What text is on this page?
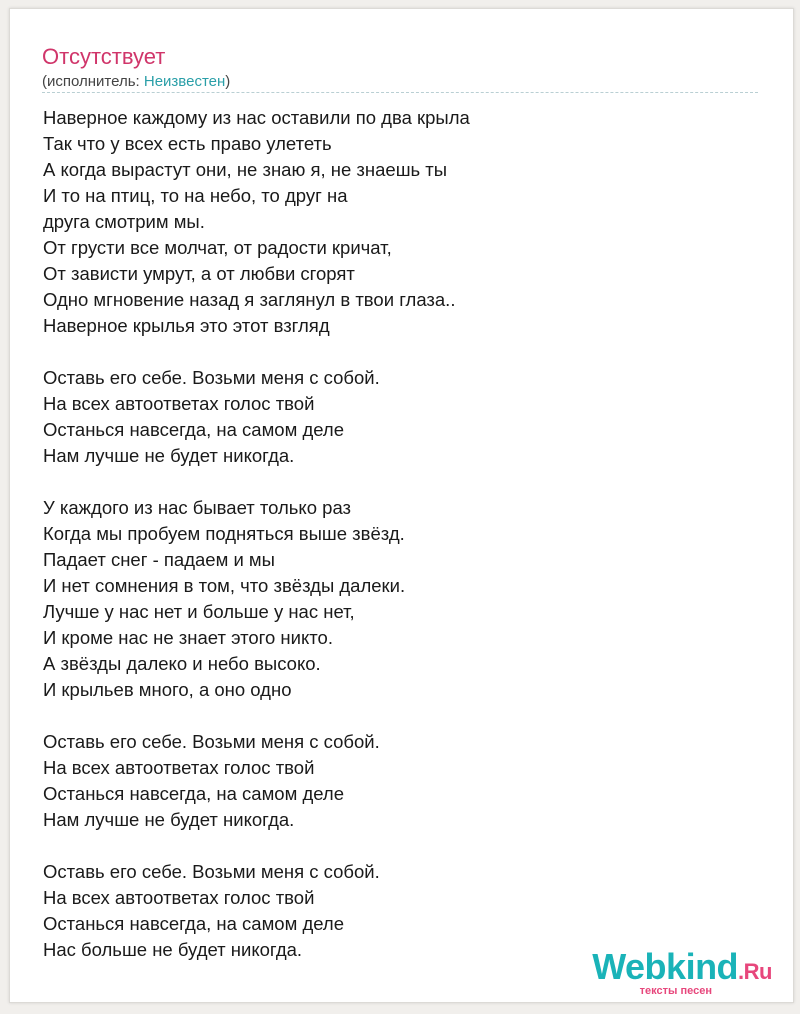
Отсутствует
(исполнитель: Неизвестен)
Наверное каждому из нас оставили по два крыла
Так что у всех есть право улететь
А когда вырастут они, не знаю я, не знаешь ты
И то на птиц, то на небо, то друг на
друга смотрим мы.
От грусти все молчат, от радости кричат,
От зависти умрут, а от любви сгорят
Одно мгновение назад я заглянул в твои глаза..
Наверное крылья это этот взгляд
Оставь его себе. Возьми меня с собой.
На всех автоответах голос твой
Останься навсегда, на самом деле
Нам лучше не будет никогда.
У каждого из нас бывает только раз
Когда мы пробуем подняться выше звёзд.
Падает снег - падаем и мы
И нет сомнения в том, что звёзды далеки.
Лучше у нас нет и больше у нас нет,
И кроме нас не знает этого никто.
А звёзды далеко и небо высоко.
И крыльев много, а оно одно
Оставь его себе. Возьми меня с собой.
На всех автоответах голос твой
Останься навсегда, на самом деле
Нам лучше не будет никогда.
Оставь его себе. Возьми меня с собой.
На всех автоответах голос твой
Останься навсегда, на самом деле
Нас больше не будет никогда.	Webkind.Ru
тексты песен
